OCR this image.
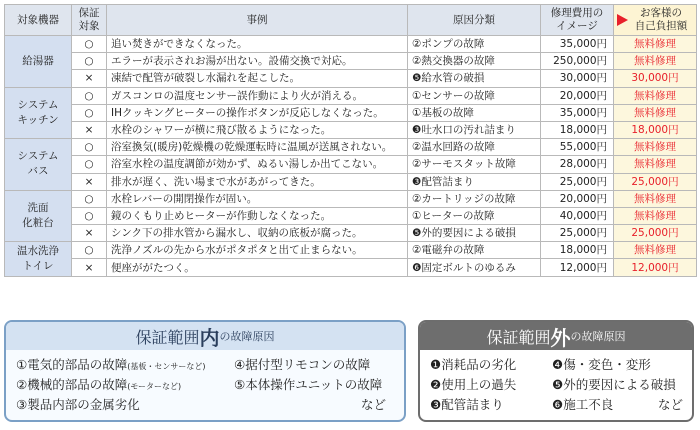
対象機器	保証
対象	事例	原因分類	修理費用の
イメージ	お客様の
自己負担額

給湯器	○	追い焚きができなくなった。	②ポンプの故障	35,000円	無料修理
	○	エラーが表示されお湯が出ない。設備交換で対応。	②熱交換器の故障	250,000円	無料修理
	×	凍結で配管が破裂し水漏れを起こした。	❺給水管の破損	30,000円	30,000円
システム
キッチン	○	ガスコンロの温度センサー誤作動により火が消える。	①センサーの故障	20,000円	無料修理
	○	IHクッキングヒーターの操作ボタンが反応しなくなった。	①基板の故障	35,000円	無料修理
	×	水栓のシャワーが横に飛び散るようになった。	❸吐水口の汚れ詰まり	18,000円	18,000円
システム
バス	○	浴室換気(暖房)乾燥機の乾燥運転時に温風が送風されない。	②温水回路の故障	55,000円	無料修理
	○	浴室水栓の温度調節が効かず、ぬるい湯しか出てこない。	②サーモスタット故障	28,000円	無料修理
	×	排水が遅く、洗い場まで水があがってきた。	❸配管詰まり	25,000円	25,000円
洗面
化粧台	○	水栓レバーの開閉操作が固い。	②カートリッジの故障	20,000円	無料修理
	○	鏡のくもり止めヒーターが作動しなくなった。	①ヒーターの故障	40,000円	無料修理
	×	シンク下の排水管から漏水し、収納の底板が腐った。	❺外的要因による破損	25,000円	25,000円
温水洗浄
トイレ	○	洗浄ノズルの先から水がポタポタと出て止まらない。	②電磁弁の故障	18,000円	無料修理
	×	便座ががたつく。	❻固定ボルトのゆるみ	12,000円	12,000円
保証範囲 内 の故障原因
①電気的部品の故障(基板・センサーなど)
②機械的部品の故障(モーターなど)
③製品内部の金属劣化
④据付型リモコンの故障
⑤本体操作ユニットの故障
など
保証範囲 外 の故障原因
❶消耗品の劣化
❷使用上の過失
❸配管詰まり
❹傷・変色・変形
❺外的要因による破損
❻施工不良	など
